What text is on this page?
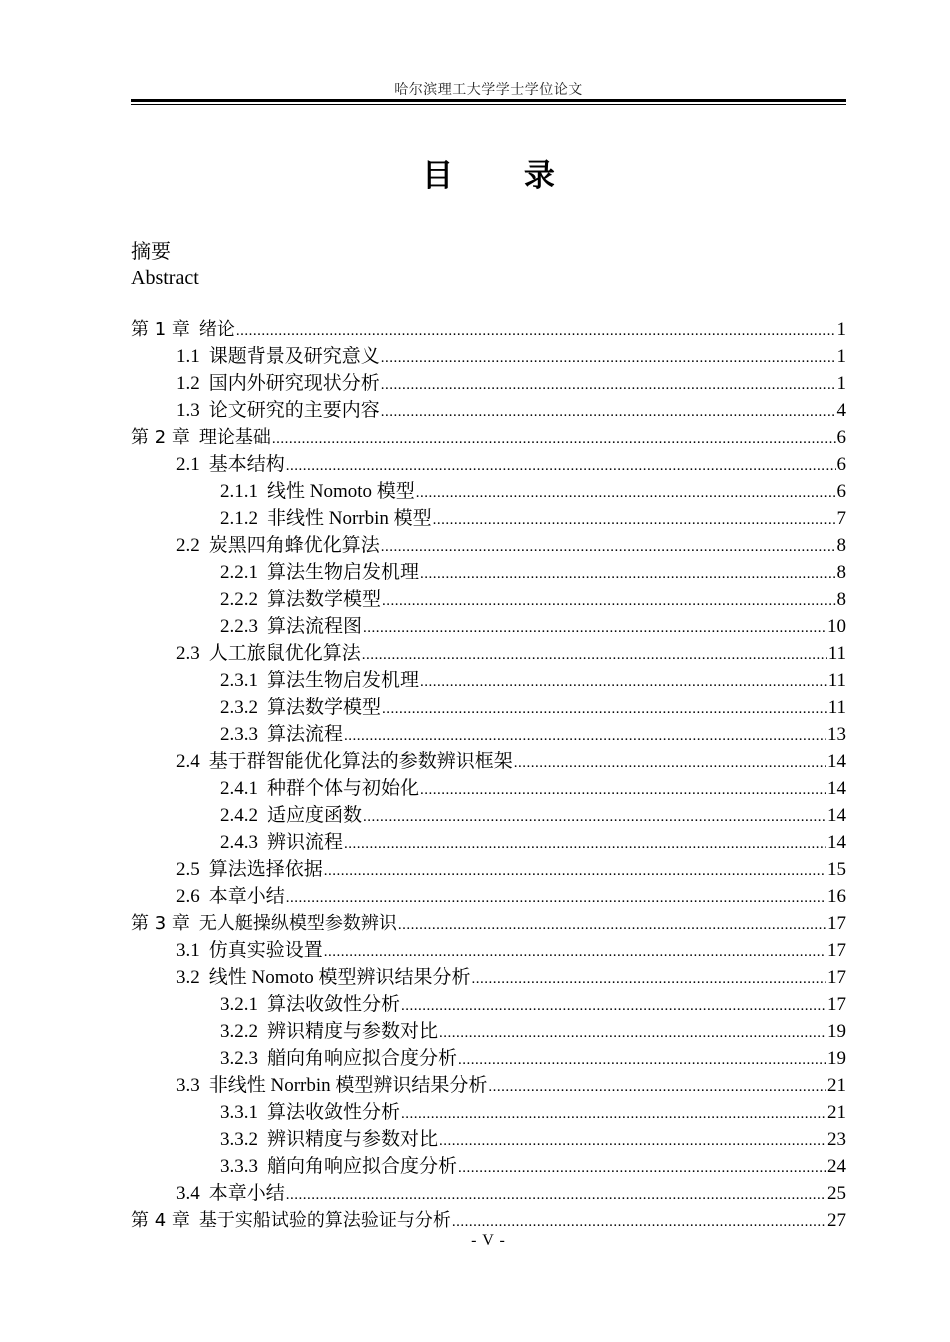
哈尔滨理工大学学士学位论文
目 录
摘要
Abstract
第 1 章 绪论 .....	1
1.1 课题背景及研究意义 .....	1
1.2 国内外研究现状分析 .....	1
1.3 论文研究的主要内容 .....	4
第 2 章 理论基础 .....	6
2.1 基本结构 .....	6
2.1.1 线性 Nomoto 模型 .....	6
2.1.2 非线性 Norrbin 模型 .....	7
2.2 炭黑四角蜂优化算法 .....	8
2.2.1 算法生物启发机理 .....	8
2.2.2 算法数学模型 .....	8
2.2.3 算法流程图 .....	10
2.3 人工旅鼠优化算法 .....	11
2.3.1 算法生物启发机理 .....	11
2.3.2 算法数学模型 .....	11
2.3.3 算法流程 .....	13
2.4 基于群智能优化算法的参数辨识框架 .....	14
2.4.1 种群个体与初始化 .....	14
2.4.2 适应度函数 .....	14
2.4.3 辨识流程 .....	14
2.5 算法选择依据 .....	15
2.6 本章小结 .....	16
第 3 章 无人艇操纵模型参数辨识 .....	17
3.1 仿真实验设置 .....	17
3.2 线性 Nomoto 模型辨识结果分析 .....	17
3.2.1 算法收敛性分析 .....	17
3.2.2 辨识精度与参数对比 .....	19
3.2.3 艏向角响应拟合度分析 .....	19
3.3 非线性 Norrbin 模型辨识结果分析 .....	21
3.3.1 算法收敛性分析 .....	21
3.3.2 辨识精度与参数对比 .....	23
3.3.3 艏向角响应拟合度分析 .....	24
3.4 本章小结 .....	25
第 4 章 基于实船试验的算法验证与分析 .....	27
- V -
